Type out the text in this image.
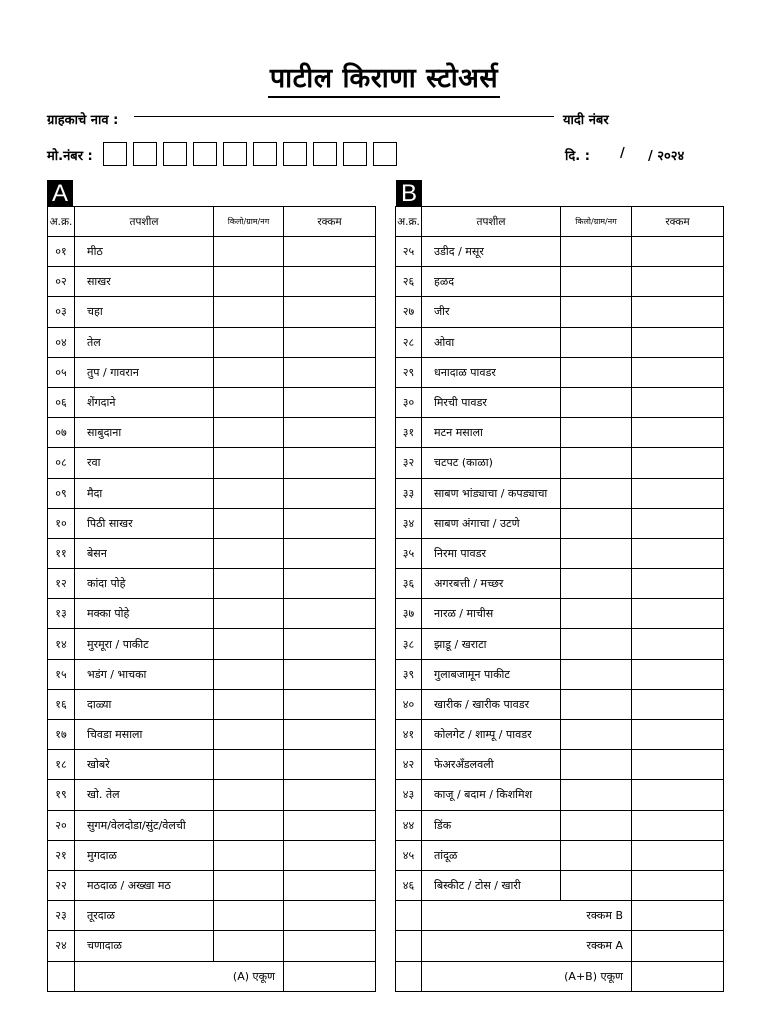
पाटील किराणा स्टोअर्स
ग्राहकाचे नाव :	यादी नंबर
मो.नंबर :	दि. : / / २०२४
A	B
अ.क्र.	तपशील	किलो/ग्राम/नग	रक्कम
०१	मीठ		
०२	साखर		
०३	चहा		
०४	तेल		
०५	तुप / गावरान		
०६	शेंगदाने		
०७	साबुदाना		
०८	रवा		
०९	मैदा		
१०	पिठी साखर		
११	बेसन		
१२	कांदा पोहे		
१३	मक्का पोहे		
१४	मुरमूरा / पाकीट		
१५	भडंग / भाचका		
१६	दाळ्या		
१७	चिवडा मसाला		
१८	खोबरे		
१९	खो. तेल		
२०	सुगम/वेलदोडा/सुंट/वेलची		
२१	मुगदाळ		
२२	मठदाळ / अख्खा मठ		
२३	तूरदाळ		
२४	चणादाळ		
	(A) एकूण		
अ.क्र.	तपशील	किलो/ग्राम/नग	रक्कम
२५	उडीद / मसूर		
२६	हळद		
२७	जीर		
२८	ओवा		
२९	धनादाळ पावडर		
३०	मिरची पावडर		
३१	मटन मसाला		
३२	चटपट (काळा)		
३३	साबण भांड्याचा / कपड्याचा		
३४	साबण अंगाचा / उटणे		
३५	निरमा पावडर		
३६	अगरबत्ती / मच्छर		
३७	नारळ / माचीस		
३८	झाडू / खराटा		
३९	गुलाबजामून पाकीट		
४०	खारीक / खारीक पावडर		
४१	कोलगेट / शाम्पू / पावडर		
४२	फेअरअँडलवली		
४३	काजू / बदाम / किशमिश		
४४	डिंक		
४५	तांदूळ		
४६	बिस्कीट / टोस / खारी		
	रक्कम B		
	रक्कम A		
	(A+B) एकूण		
